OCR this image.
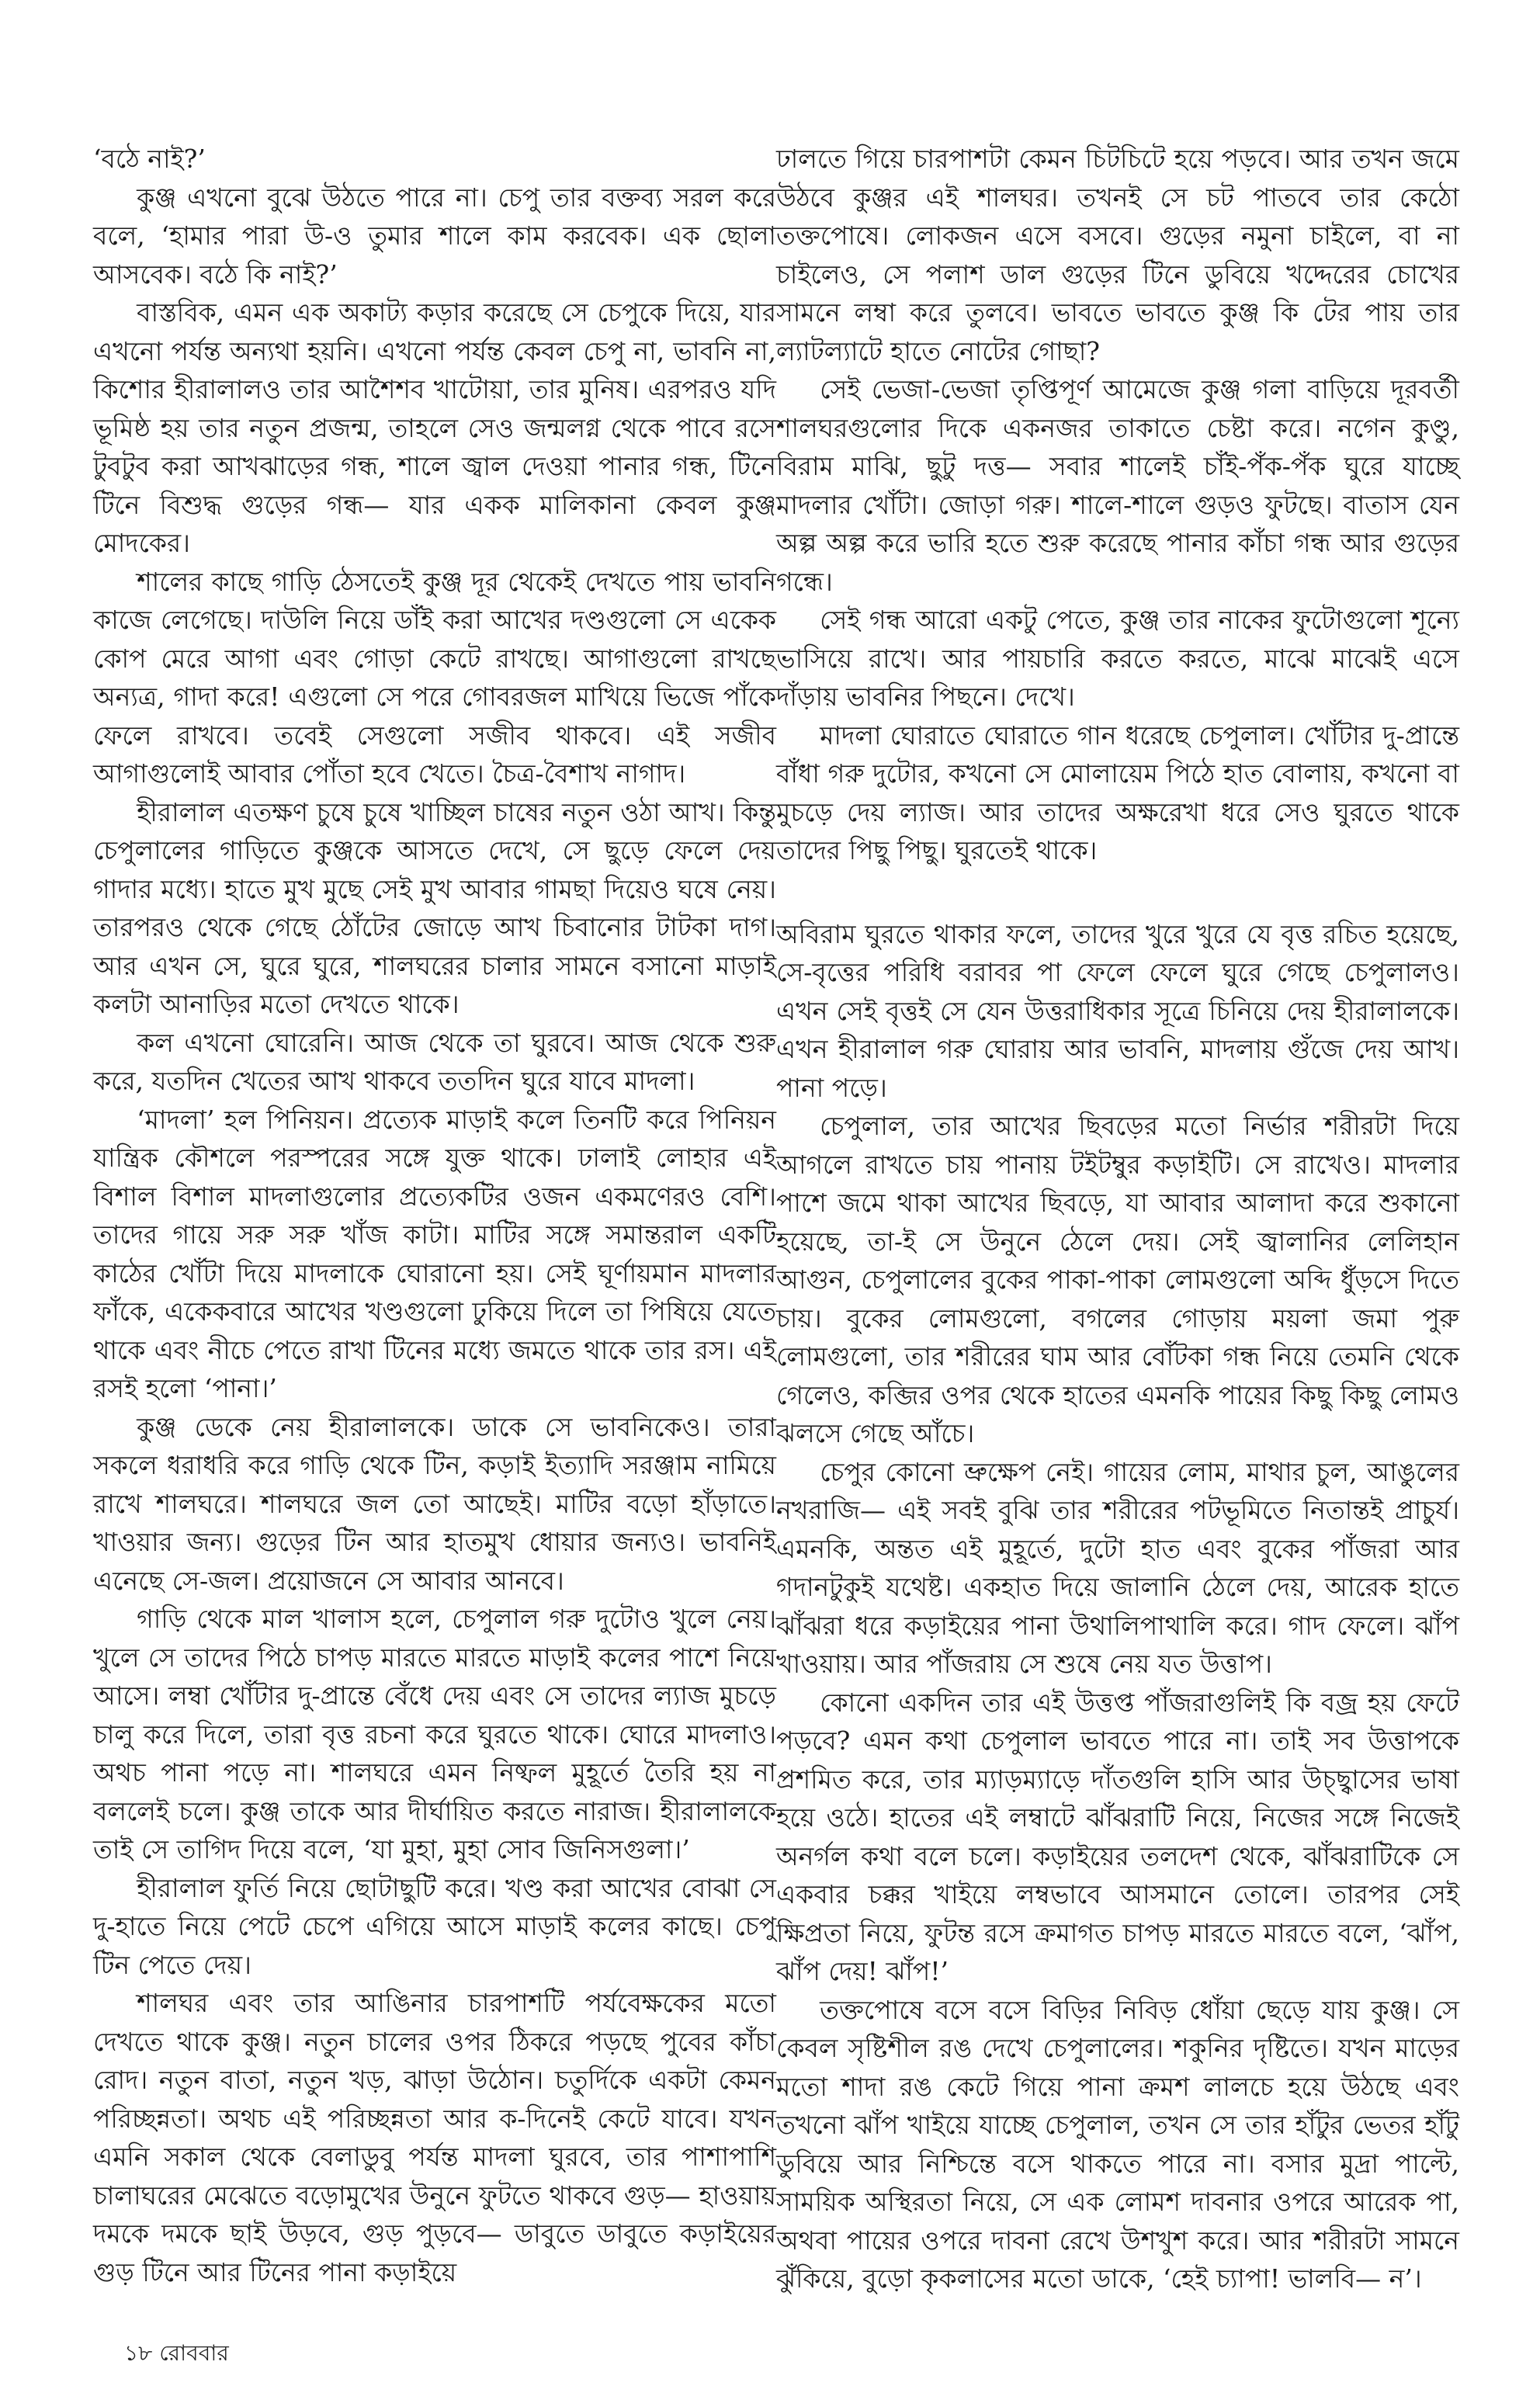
‘বঠে নাই?’

কুঞ্জ এখনো বুঝে উঠতে পারে না। চেপু তার বক্তব্য সরল করে বলে, ‘হামার পারা উ-ও তুমার শালে কাম করবেক। এক ছোলা আসবেক। বঠে কি নাই?’

বাস্তবিক, এমন এক অকাট্য কড়ার করেছে সে চেপুকে দিয়ে, যার এখনো পর্যন্ত অন্যথা হয়নি। এখনো পর্যন্ত কেবল চেপু না, ভাবনি না, কিশোর হীরালালও তার আশৈশব খাটোয়া, তার মুনিষ। এরপরও যদি ভূমিষ্ঠ হয় তার নতুন প্রজন্ম, তাহলে সেও জন্মলগ্ন থেকে পাবে রসে টুবটুব করা আখঝাড়ের গন্ধ, শালে জ্বাল দেওয়া পানার গন্ধ, টিনে টিনে বিশুদ্ধ গুড়ের গন্ধ— যার একক মালিকানা কেবল কুঞ্জ মোদকের।

শালের কাছে গাড়ি ঠেসতেই কুঞ্জ দূর থেকেই দেখতে পায় ভাবনি কাজে লেগেছে। দাউলি নিয়ে ডাঁই করা আখের দণ্ডগুলো সে একেক কোপ মেরে আগা এবং গোড়া কেটে রাখছে। আগাগুলো রাখছে অন্যত্র, গাদা করে! এগুলো সে পরে গোবরজল মাখিয়ে ভিজে পাঁকে ফেলে রাখবে। তবেই সেগুলো সজীব থাকবে। এই সজীব আগাগুলোই আবার পোঁতা হবে খেতে। চৈত্র-বৈশাখ নাগাদ।

হীরালাল এতক্ষণ চুষে চুষে খাচ্ছিল চাষের নতুন ওঠা আখ। কিন্তু চেপুলালের গাড়িতে কুঞ্জকে আসতে দেখে, সে ছুড়ে ফেলে দেয় গাদার মধ্যে। হাতে মুখ মুছে সেই মুখ আবার গামছা দিয়েও ঘষে নেয়। তারপরও থেকে গেছে ঠোঁটের জোড়ে আখ চিবানোর টাটকা দাগ। আর এখন সে, ঘুরে ঘুরে, শালঘরের চালার সামনে বসানো মাড়াই কলটা আনাড়ির মতো দেখতে থাকে।

কল এখনো ঘোরেনি। আজ থেকে তা ঘুরবে। আজ থেকে শুরু করে, যতদিন খেতের আখ থাকবে ততদিন ঘুরে যাবে মাদলা।

‘মাদলা’ হল পিনিয়ন। প্রত্যেক মাড়াই কলে তিনটি করে পিনিয়ন যান্ত্রিক কৌশলে পরস্পরের সঙ্গে যুক্ত থাকে। ঢালাই লোহার এই বিশাল বিশাল মাদলাগুলোর প্রত্যেকটির ওজন একমণেরও বেশি। তাদের গায়ে সরু সরু খাঁজ কাটা। মাটির সঙ্গে সমান্তরাল একটি কাঠের খোঁটা দিয়ে মাদলাকে ঘোরানো হয়। সেই ঘূর্ণায়মান মাদলার ফাঁকে, একেকবারে আখের খণ্ডগুলো ঢুকিয়ে দিলে তা পিষিয়ে যেতে থাকে এবং নীচে পেতে রাখা টিনের মধ্যে জমতে থাকে তার রস। এই রসই হলো ‘পানা।’

কুঞ্জ ডেকে নেয় হীরালালকে। ডাকে সে ভাবনিকেও। তারা সকলে ধরাধরি করে গাড়ি থেকে টিন, কড়াই ইত্যাদি সরঞ্জাম নামিয়ে রাখে শালঘরে। শালঘরে জল তো আছেই। মাটির বড়ো হাঁড়াতে। খাওয়ার জন্য। গুড়ের টিন আর হাতমুখ ধোয়ার জন্যও। ভাবনিই এনেছে সে-জল। প্রয়োজনে সে আবার আনবে।

গাড়ি থেকে মাল খালাস হলে, চেপুলাল গরু দুটোও খুলে নেয়। খুলে সে তাদের পিঠে চাপড় মারতে মারতে মাড়াই কলের পাশে নিয়ে আসে। লম্বা খোঁটার দু-প্রান্তে বেঁধে দেয় এবং সে তাদের ল্যাজ মুচড়ে চালু করে দিলে, তারা বৃত্ত রচনা করে ঘুরতে থাকে। ঘোরে মাদলাও। অথচ পানা পড়ে না। শালঘরে এমন নিষ্ফল মুহূর্তে তৈরি হয় না বললেই চলে। কুঞ্জ তাকে আর দীর্ঘায়িত করতে নারাজ। হীরালালকে তাই সে তাগিদ দিয়ে বলে, ‘যা মুহা, মুহা সোব জিনিসগুলা।’

হীরালাল ফুর্তি নিয়ে ছোটাছুটি করে। খণ্ড করা আখের বোঝা সে দু-হাতে নিয়ে পেটে চেপে এগিয়ে আসে মাড়াই কলের কাছে। চেপু টিন পেতে দেয়।

শালঘর এবং তার আঙিনার চারপাশটি পর্যবেক্ষকের মতো দেখতে থাকে কুঞ্জ। নতুন চালের ওপর ঠিকরে পড়ছে পুবের কাঁচা রোদ। নতুন বাতা, নতুন খড়, ঝাড়া উঠোন। চতুর্দিকে একটা কেমন পরিচ্ছন্নতা। অথচ এই পরিচ্ছন্নতা আর ক-দিনেই কেটে যাবে। যখন এমনি সকাল থেকে বেলাডুবু পর্যন্ত মাদলা ঘুরবে, তার পাশাপাশি চালাঘরের মেঝেতে বড়োমুখের উনুনে ফুটতে থাকবে গুড়— হাওয়ায় দমকে দমকে ছাই উড়বে, গুড় পুড়বে— ডাবুতে ডাবুতে কড়াইয়ের গুড় টিনে আর টিনের পানা কড়াইয়ে

ঢালতে গিয়ে চারপাশটা কেমন চিটচিটে হয়ে পড়বে। আর তখন জমে উঠবে কুঞ্জর এই শালঘর। তখনই সে চট পাতবে তার কেঠো তক্তপোষে। লোকজন এসে বসবে। গুড়ের নমুনা চাইলে, বা না চাইলেও, সে পলাশ ডাল গুড়ের টিনে ডুবিয়ে খদ্দেরের চোখের সামনে লম্বা করে তুলবে। ভাবতে ভাবতে কুঞ্জ কি টের পায় তার ল্যাটল্যাটে হাতে নোটের গোছা?

সেই ভেজা-ভেজা তৃপ্তিপূর্ণ আমেজে কুঞ্জ গলা বাড়িয়ে দূরবর্তী শালঘরগুলোর দিকে একনজর তাকাতে চেষ্টা করে। নগেন কুণ্ডু, বিরাম মাঝি, ছুটু দত্ত— সবার শালেই চাঁই-পঁক-পঁক ঘুরে যাচ্ছে মাদলার খোঁটা। জোড়া গরু। শালে-শালে গুড়ও ফুটছে। বাতাস যেন অল্প অল্প করে ভারি হতে শুরু করেছে পানার কাঁচা গন্ধ আর গুড়ের গন্ধে।

সেই গন্ধ আরো একটু পেতে, কুঞ্জ তার নাকের ফুটোগুলো শূন্যে ভাসিয়ে রাখে। আর পায়চারি করতে করতে, মাঝে মাঝেই এসে দাঁড়ায় ভাবনির পিছনে। দেখে।

মাদলা ঘোরাতে ঘোরাতে গান ধরেছে চেপুলাল। খোঁটার দু-প্রান্তে বাঁধা গরু দুটোর, কখনো সে মোলায়েম পিঠে হাত বোলায়, কখনো বা মুচড়ে দেয় ল্যাজ। আর তাদের অক্ষরেখা ধরে সেও ঘুরতে থাকে তাদের পিছু পিছু। ঘুরতেই থাকে।

অবিরাম ঘুরতে থাকার ফলে, তাদের খুরে খুরে যে বৃত্ত রচিত হয়েছে, সে-বৃত্তের পরিধি বরাবর পা ফেলে ফেলে ঘুরে গেছে চেপুলালও। এখন সেই বৃত্তই সে যেন উত্তরাধিকার সূত্রে চিনিয়ে দেয় হীরালালকে। এখন হীরালাল গরু ঘোরায় আর ভাবনি, মাদলায় গুঁজে দেয় আখ। পানা পড়ে।

চেপুলাল, তার আখের ছিবড়ের মতো নির্ভার শরীরটা দিয়ে আগলে রাখতে চায় পানায় টইটম্বুর কড়াইটি। সে রাখেও। মাদলার পাশে জমে থাকা আখের ছিবড়ে, যা আবার আলাদা করে শুকানো হয়েছে, তা-ই সে উনুনে ঠেলে দেয়। সেই জ্বালানির লেলিহান আগুন, চেপুলালের বুকের পাকা-পাকা লোমগুলো অব্দি ধুঁড়সে দিতে চায়। বুকের লোমগুলো, বগলের গোড়ায় ময়লা জমা পুরু লোমগুলো, তার শরীরের ঘাম আর বোঁটকা গন্ধ নিয়ে তেমনি থেকে গেলেও, কব্জির ওপর থেকে হাতের এমনকি পায়ের কিছু কিছু লোমও ঝলসে গেছে আঁচে।

চেপুর কোনো ভ্রুক্ষেপ নেই। গায়ের লোম, মাথার চুল, আঙুলের নখরাজি— এই সবই বুঝি তার শরীরের পটভূমিতে নিতান্তই প্রাচুর্য। এমনকি, অন্তত এই মুহূর্তে, দুটো হাত এবং বুকের পাঁজরা আর গদানটুকুই যথেষ্ট। একহাত দিয়ে জালানি ঠেলে দেয়, আরেক হাতে ঝাঁঝরা ধরে কড়াইয়ের পানা উথালিপাথালি করে। গাদ ফেলে। ঝাঁপ খাওয়ায়। আর পাঁজরায় সে শুষে নেয় যত উত্তাপ।

কোনো একদিন তার এই উত্তপ্ত পাঁজরাগুলিই কি বজ্র হয় ফেটে পড়বে? এমন কথা চেপুলাল ভাবতে পারে না। তাই সব উত্তাপকে প্রশমিত করে, তার ম্যাড়ম্যাড়ে দাঁতগুলি হাসি আর উচ্ছ্বাসের ভাষা হয়ে ওঠে। হাতের এই লম্বাটে ঝাঁঝরাটি নিয়ে, নিজের সঙ্গে নিজেই অনর্গল কথা বলে চলে। কড়াইয়ের তলদেশ থেকে, ঝাঁঝরাটিকে সে একবার চক্কর খাইয়ে লম্বভাবে আসমানে তোলে। তারপর সেই ক্ষিপ্রতা নিয়ে, ফুটন্ত রসে ক্রমাগত চাপড় মারতে মারতে বলে, ‘ঝাঁপ, ঝাঁপ দেয়! ঝাঁপ!’

তক্তপোষে বসে বসে বিড়ির নিবিড় ধোঁয়া ছেড়ে যায় কুঞ্জ। সে কেবল সৃষ্টিশীল রঙ দেখে চেপুলালের। শকুনির দৃষ্টিতে। যখন মাড়ের মতো শাদা রঙ কেটে গিয়ে পানা ক্রমশ লালচে হয়ে উঠছে এবং তখনো ঝাঁপ খাইয়ে যাচ্ছে চেপুলাল, তখন সে তার হাঁটুর ভেতর হাঁটু ডুবিয়ে আর নিশ্চিন্তে বসে থাকতে পারে না। বসার মুদ্রা পাল্টে, সাময়িক অস্থিরতা নিয়ে, সে এক লোমশ দাবনার ওপরে আরেক পা, অথবা পায়ের ওপরে দাবনা রেখে উশখুশ করে। আর শরীরটা সামনে ঝুঁকিয়ে, বুড়ো কৃকলাসের মতো ডাকে, ‘হেই চ্যাপা! ভালবি— ন’।

১৮ রোববার
